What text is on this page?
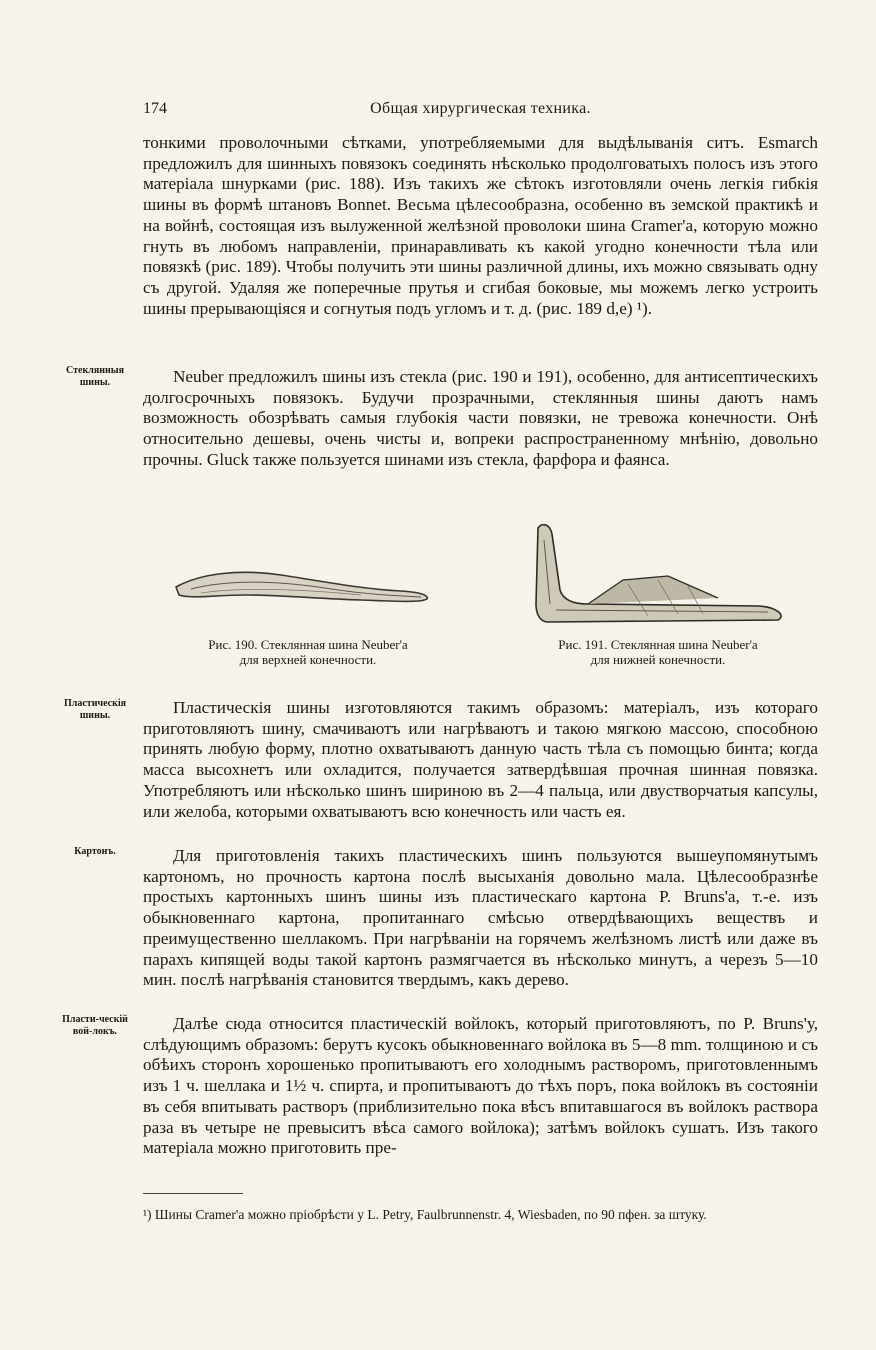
174	Общая хирургическая техника.

тонкими проволочными сѣтками, употребляемыми для выдѣлыванія ситъ. Esmarch предложилъ для шинныхъ повязокъ соединять нѣсколько продолговатыхъ полосъ изъ этого матеріала шнурками (рис. 188). Изъ такихъ же сѣтокъ изготовляли очень легкія гибкія шины въ формѣ штановъ Bonnet. Весьма цѣлесообразна, особенно въ земской практикѣ и на войнѣ, состоящая изъ вылуженной желѣзной проволоки шина Cramer'а, которую можно гнуть въ любомъ направленіи, принаравливать къ какой угодно конечности тѣла или повязкѣ (рис. 189). Чтобы получить эти шины различной длины, ихъ можно связывать одну съ другой. Удаляя же поперечные прутья и сгибая боковые, мы можемъ легко устроить шины прерывающіяся и согнутыя подъ угломъ и т. д. (рис. 189 d,e) ¹).

Стеклянныя шины.	Neuber предложилъ шины изъ стекла (рис. 190 и 191), особенно, для антисептическихъ долгосрочныхъ повязокъ. Будучи прозрачными, стеклянныя шины даютъ намъ возможность обозрѣвать самыя глубокія части повязки, не тревожа конечности. Онѣ относительно дешевы, очень чисты и, вопреки распространенному мнѣнію, довольно прочны. Gluck также пользуется шинами изъ стекла, фарфора и фаянса.

Рис. 190. Стеклянная шина Neuber'а
для верхней конечности.
Рис. 191. Стеклянная шина Neuber'а
для нижней конечности.
Пластическія шины.	Пластическія шины изготовляются такимъ образомъ: матеріалъ, изъ котораго приготовляютъ шину, смачиваютъ или нагрѣваютъ и такою мягкою массою, способною принять любую форму, плотно охватываютъ данную часть тѣла съ помощью бинта; когда масса высохнетъ или охладится, получается затвердѣвшая прочная шинная повязка. Употребляютъ или нѣсколько шинъ шириною въ 2—4 пальца, или двустворчатыя капсулы, или желоба, которыми охватываютъ всю конечность или часть ея.

Картонъ.	Для приготовленія такихъ пластическихъ шинъ пользуются вышеупомянутымъ картономъ, но прочность картона послѣ высыханія довольно мала. Цѣлесообразнѣе простыхъ картонныхъ шинъ шины изъ пластическаго картона P. Bruns'а, т.-е. изъ обыкновеннаго картона, пропитаннаго смѣсью отвердѣвающихъ веществъ и преимущественно шеллакомъ. При нагрѣваніи на горячемъ желѣзномъ листѣ или даже въ парахъ кипящей воды такой картонъ размягчается въ нѣсколько минутъ, а черезъ 5—10 мин. послѣ нагрѣванія становится твердымъ, какъ дерево.

Пласти-ческій вой-локъ.	Далѣе сюда относится пластическій войлокъ, который приготовляютъ, по P. Bruns'у, слѣдующимъ образомъ: берутъ кусокъ обыкновеннаго войлока въ 5—8 mm. толщиною и съ обѣихъ сторонъ хорошенько пропитываютъ его холоднымъ растворомъ, приготовленнымъ изъ 1 ч. шеллака и 1½ ч. спирта, и пропитываютъ до тѣхъ поръ, пока войлокъ въ состояніи въ себя впитывать растворъ (приблизительно пока вѣсъ впитавшагося въ войлокъ раствора раза въ четыре не превыситъ вѣса самого войлока); затѣмъ войлокъ сушатъ. Изъ такого матеріала можно приготовить пре-

¹) Шины Cramer'а можно пріобрѣсти у L. Petry, Faulbrunnenstr. 4, Wiesbaden, по 90 пфен. за штуку.
